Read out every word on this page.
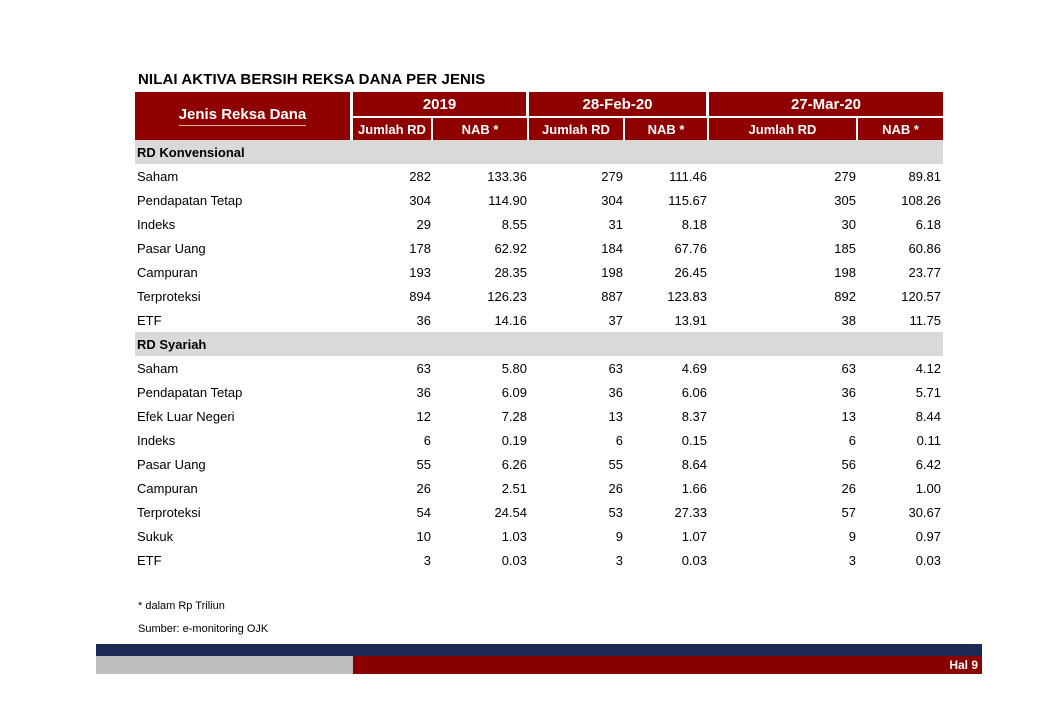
NILAI AKTIVA BERSIH REKSA DANA PER JENIS
Jenis Reksa Dana	2019		28-Feb-20		27-Mar-20	
	Jumlah RD	NAB *	Jumlah RD	NAB *	Jumlah RD	NAB *
RD Konvensional						
Saham	282	133.36	279	111.46	279	89.81
Pendapatan Tetap	304	114.90	304	115.67	305	108.26
Indeks	29	8.55	31	8.18	30	6.18
Pasar Uang	178	62.92	184	67.76	185	60.86
Campuran	193	28.35	198	26.45	198	23.77
Terproteksi	894	126.23	887	123.83	892	120.57
ETF	36	14.16	37	13.91	38	11.75
RD Syariah						
Saham	63	5.80	63	4.69	63	4.12
Pendapatan Tetap	36	6.09	36	6.06	36	5.71
Efek Luar Negeri	12	7.28	13	8.37	13	8.44
Indeks	6	0.19	6	0.15	6	0.11
Pasar Uang	55	6.26	55	8.64	56	6.42
Campuran	26	2.51	26	1.66	26	1.00
Terproteksi	54	24.54	53	27.33	57	30.67
Sukuk	10	1.03	9	1.07	9	0.97
ETF	3	0.03	3	0.03	3	0.03
* dalam Rp Triliun
Sumber: e-monitoring OJK
Hal 9
